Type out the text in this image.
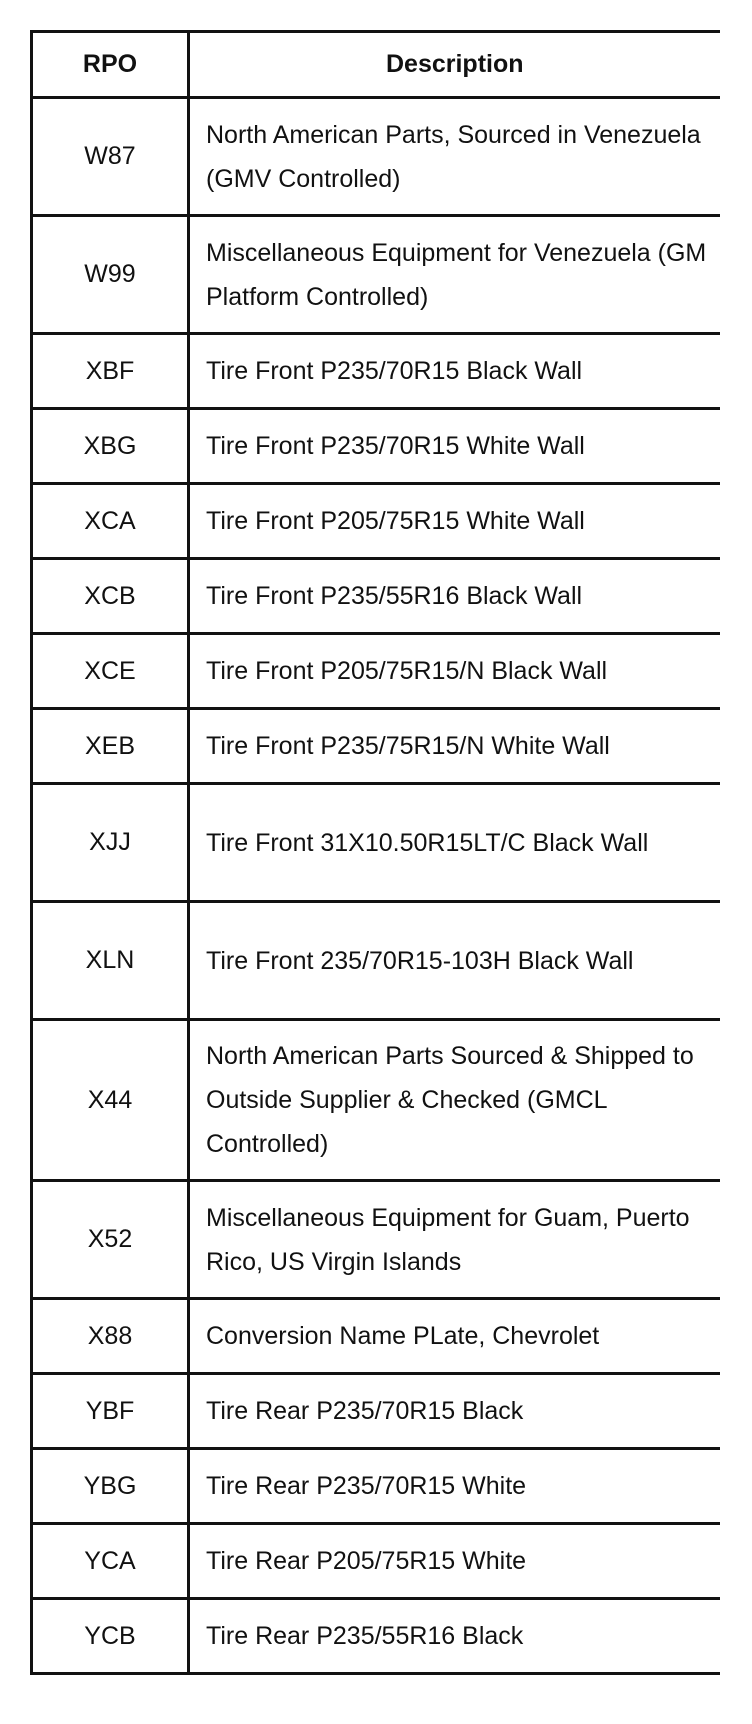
RPO	Description
W87	North American Parts, Sourced in Venezuela (GMV Controlled)
W99	Miscellaneous Equipment for Venezuela (GM Platform Controlled)
XBF	Tire Front P235/70R15 Black Wall
XBG	Tire Front P235/70R15 White Wall
XCA	Tire Front P205/75R15 White Wall
XCB	Tire Front P235/55R16 Black Wall
XCE	Tire Front P205/75R15/N Black Wall
XEB	Tire Front P235/75R15/N White Wall
XJJ	Tire Front 31X10.50R15LT/C Black Wall
XLN	Tire Front 235/70R15-103H Black Wall
X44	North American Parts Sourced & Shipped to Outside Supplier & Checked (GMCL Controlled)
X52	Miscellaneous Equipment for Guam, Puerto Rico, US Virgin Islands
X88	Conversion Name PLate, Chevrolet
YBF	Tire Rear P235/70R15 Black
YBG	Tire Rear P235/70R15 White
YCA	Tire Rear P205/75R15 White
YCB	Tire Rear P235/55R16 Black
